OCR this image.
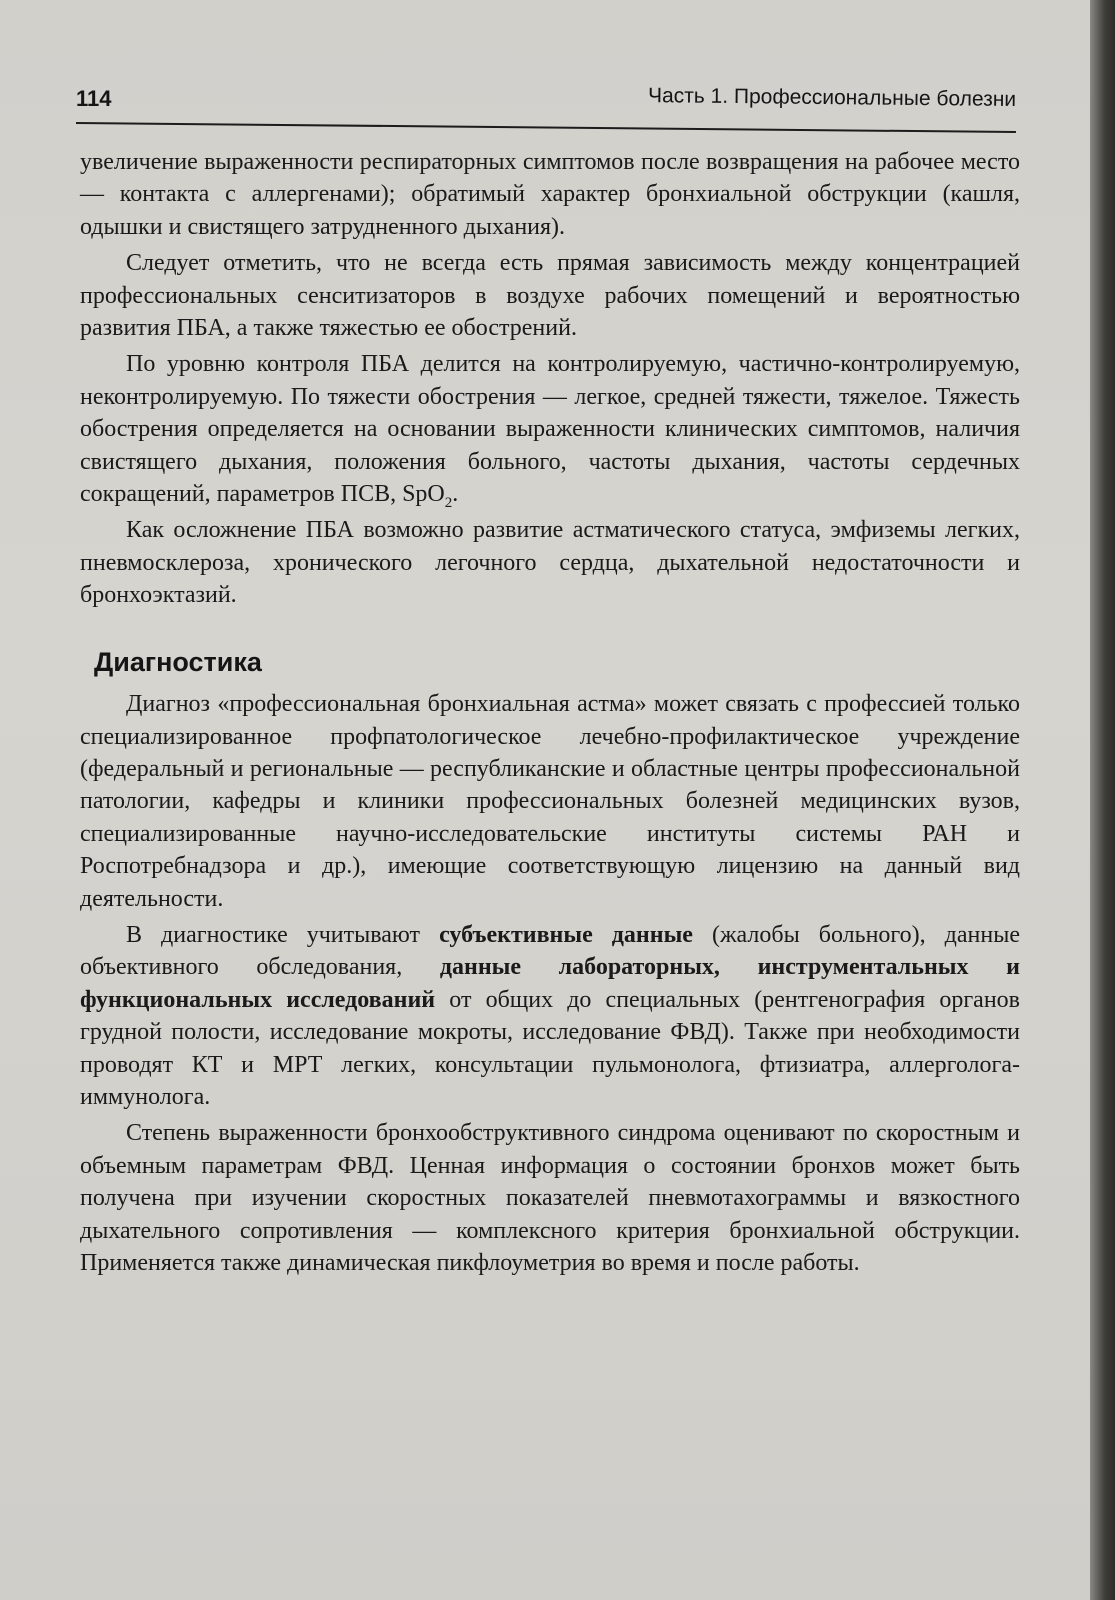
114	Часть 1. Профессиональные болезни

увеличение выраженности респираторных симптомов после возвращения на рабочее место — контакта с аллергенами); обратимый характер бронхиальной обструкции (кашля, одышки и свистящего затрудненного дыхания).

Следует отметить, что не всегда есть прямая зависимость между концентрацией профессиональных сенситизаторов в воздухе рабочих помещений и вероятностью развития ПБА, а также тяжестью ее обострений.

По уровню контроля ПБА делится на контролируемую, частично-контролируемую, неконтролируемую. По тяжести обострения — легкое, средней тяжести, тяжелое. Тяжесть обострения определяется на основании выраженности клинических симптомов, наличия свистящего дыхания, положения больного, частоты дыхания, частоты сердечных сокращений, параметров ПСВ, SpO$_2$.

Как осложнение ПБА возможно развитие астматического статуса, эмфиземы легких, пневмосклероза, хронического легочного сердца, дыхательной недостаточности и бронхоэктазий.

Диагностика

Диагноз «профессиональная бронхиальная астма» может связать с профессией только специализированное профпатологическое лечебно-профилактическое учреждение (федеральный и региональные — республиканские и областные центры профессиональной патологии, кафедры и клиники профессиональных болезней медицинских вузов, специализированные научно-исследовательские институты системы РАН и Роспотребнадзора и др.), имеющие соответствующую лицензию на данный вид деятельности.

В диагностике учитывают субъективные данные (жалобы больного), данные объективного обследования, данные лабораторных, инструментальных и функциональных исследований от общих до специальных (рентгенография органов грудной полости, исследование мокроты, исследование ФВД). Также при необходимости проводят КТ и МРТ легких, консультации пульмонолога, фтизиатра, аллерголога-иммунолога.

Степень выраженности бронхообструктивного синдрома оценивают по скоростным и объемным параметрам ФВД. Ценная информация о состоянии бронхов может быть получена при изучении скоростных показателей пневмотахограммы и вязкостного дыхательного сопротивления — комплексного критерия бронхиальной обструкции. Применяется также динамическая пикфлоуметрия во время и после работы.
